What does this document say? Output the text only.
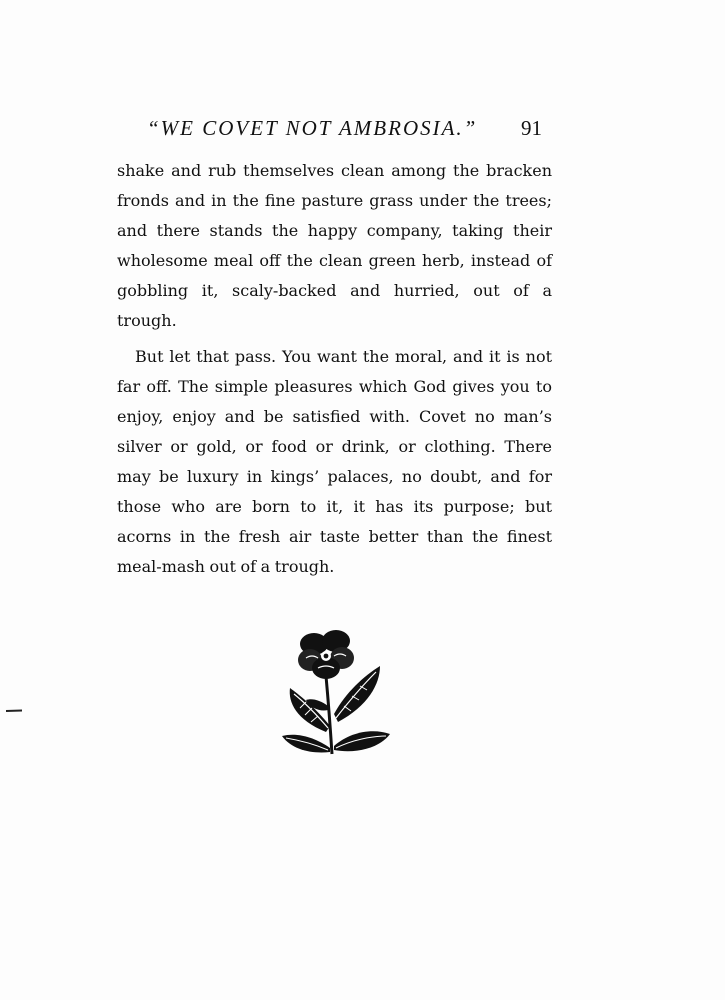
“WE COVET NOT AMBROSIA.” 91

shake and rub themselves clean among the bracken fronds and in the fine pasture grass under the trees; and there stands the happy company, taking their wholesome meal off the clean green herb, instead of gobbling it, scaly-backed and hurried, out of a trough.

But let that pass. You want the moral, and it is not far off. The simple pleasures which God gives you to enjoy, enjoy and be satisfied with. Covet no man’s silver or gold, or food or drink, or clothing. There may be luxury in kings’ palaces, no doubt, and for those who are born to it, it has its purpose; but acorns in the fresh air taste better than the finest meal-mash out of a trough.
